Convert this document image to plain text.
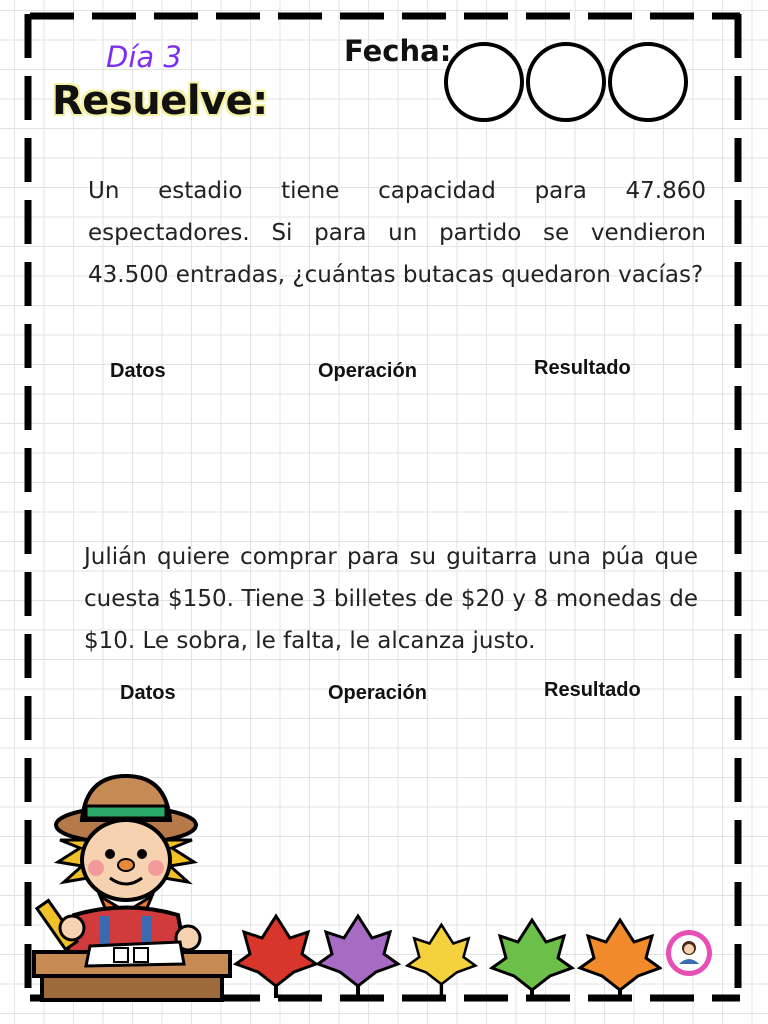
Día 3
Resuelve:
Fecha:
Un estadio tiene capacidad para 47.860 espectadores. Si para un partido se vendieron 43.500 entradas, ¿cuántas butacas quedaron vacías?
Datos	Operación	Resultado
Julián quiere comprar para su guitarra una púa que cuesta $150. Tiene 3 billetes de $20 y 8 monedas de $10. Le sobra, le falta, le alcanza justo.
Datos	Operación	Resultado
